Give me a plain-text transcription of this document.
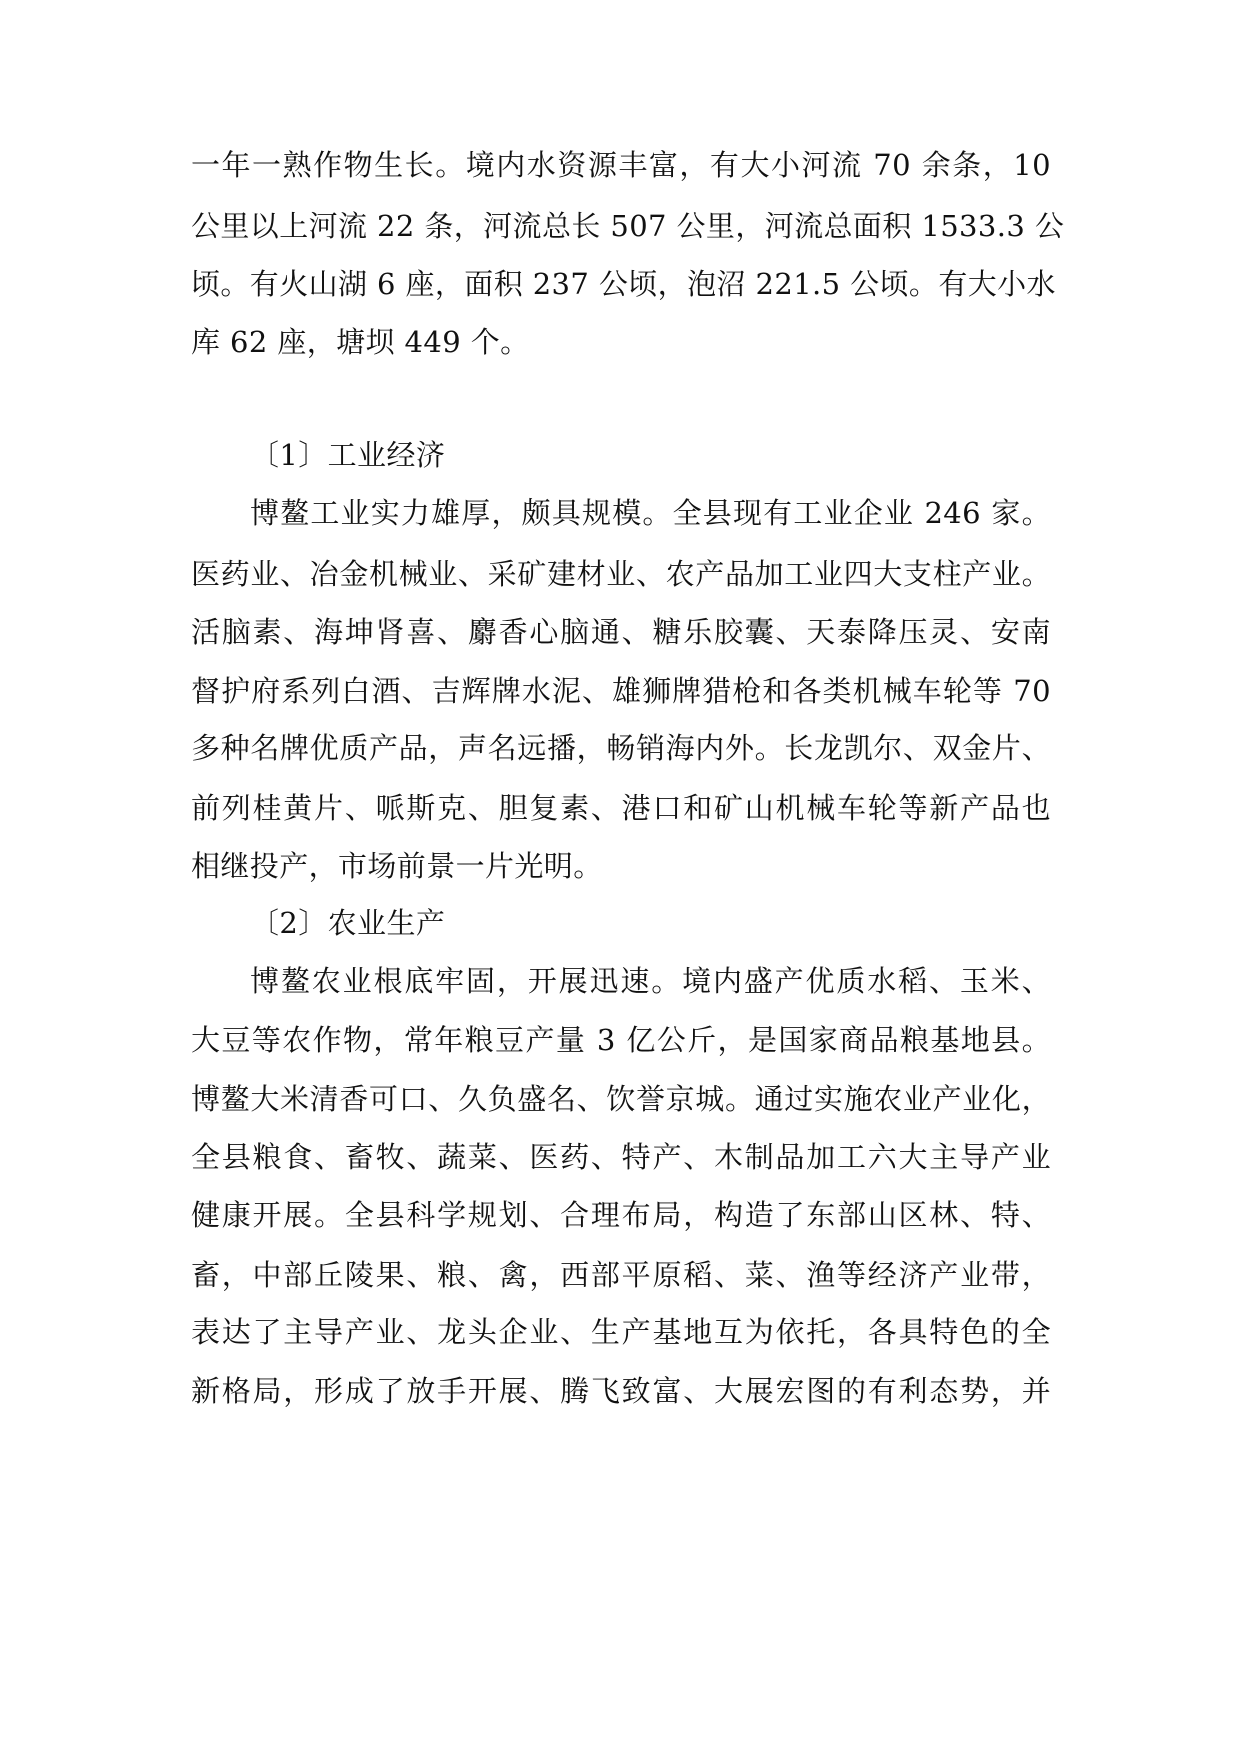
一年一熟作物生长。境内水资源丰富，有大小河流 70 余条，10
公里以上河流 22 条，河流总长 507 公里，河流总面积 1533.3 公
顷。有火山湖 6 座，面积 237 公顷，泡沼 221.5 公顷。有大小水
库 62 座，塘坝 449 个。
〔1〕工业经济
博鳌工业实力雄厚，颇具规模。全县现有工业企业 246 家。
医药业、冶金机械业、采矿建材业、农产品加工业四大支柱产业。
活脑素、海坤肾喜、麝香心脑通、糖乐胶囊、天泰降压灵、安南
督护府系列白酒、吉辉牌水泥、雄狮牌猎枪和各类机械车轮等 70
多种名牌优质产品，声名远播，畅销海内外。长龙凯尔、双金片、
前列桂黄片、哌斯克、胆复素、港口和矿山机械车轮等新产品也
相继投产，市场前景一片光明。
〔2〕农业生产
博鳌农业根底牢固，开展迅速。境内盛产优质水稻、玉米、
大豆等农作物，常年粮豆产量 3 亿公斤，是国家商品粮基地县。
博鳌大米清香可口、久负盛名、饮誉京城。通过实施农业产业化，
全县粮食、畜牧、蔬菜、医药、特产、木制品加工六大主导产业
健康开展。全县科学规划、合理布局，构造了东部山区林、特、
畜，中部丘陵果、粮、禽，西部平原稻、菜、渔等经济产业带，
表达了主导产业、龙头企业、生产基地互为依托，各具特色的全
新格局，形成了放手开展、腾飞致富、大展宏图的有利态势，并
